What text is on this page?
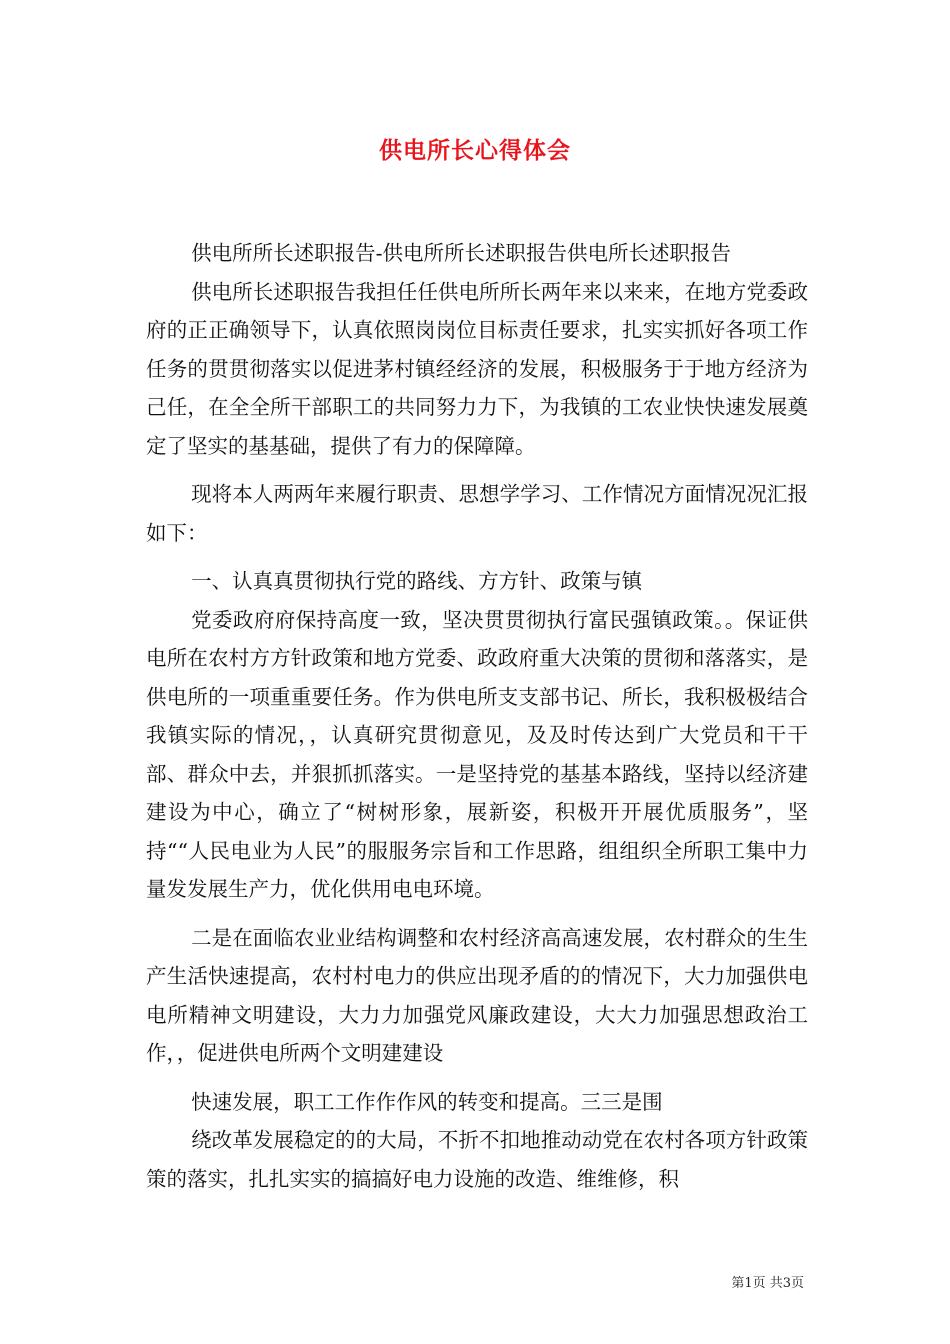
供电所长心得体会

供电所所长述职报告-供电所所长述职报告供电所长述职报告

供电所长述职报告我担任任供电所所长两年来以来来，在地方党委政府的正正确领导下，认真依照岗岗位目标责任要求，扎实实抓好各项工作任务的贯贯彻落实以促进茅村镇经经济的发展，积极服务于于地方经济为己任，在全全所干部职工的共同努力力下，为我镇的工农业快快速发展奠定了坚实的基基础，提供了有力的保障障。

现将本人两两年来履行职责、思想学学习、工作情况方面情况况汇报如下：

一、认真真贯彻执行党的路线、方方针、政策与镇

党委政府府保持高度一致，坚决贯贯彻执行富民强镇政策。。保证供电所在农村方方针政策和地方党委、政政府重大决策的贯彻和落落实，是供电所的一项重重要任务。作为供电所支支部书记、所长，我积极极结合我镇实际的情况，，认真研究贯彻意见，及及时传达到广大党员和干干部、群众中去，并狠抓抓落实。一是坚持党的基基本路线，坚持以经济建建设为中心，确立了“树树形象，展新姿，积极开开展优质服务”，坚持““人民电业为人民”的服服务宗旨和工作思路，组组织全所职工集中力量发发展生产力，优化供用电电环境。

二是在面临农业业结构调整和农村经济高高速发展，农村群众的生生产生活快速提高，农村村电力的供应出现矛盾的的情况下，大力加强供电电所精神文明建设，大力力加强党风廉政建设，大大力加强思想政治工作，，促进供电所两个文明建建设

快速发展，职工工作作作风的转变和提高。三三是围

绕改革发展稳定的的大局，不折不扣地推动动党在农村各项方针政策策的落实，扎扎实实的搞搞好电力设施的改造、维维修，积

第1页 共3页
